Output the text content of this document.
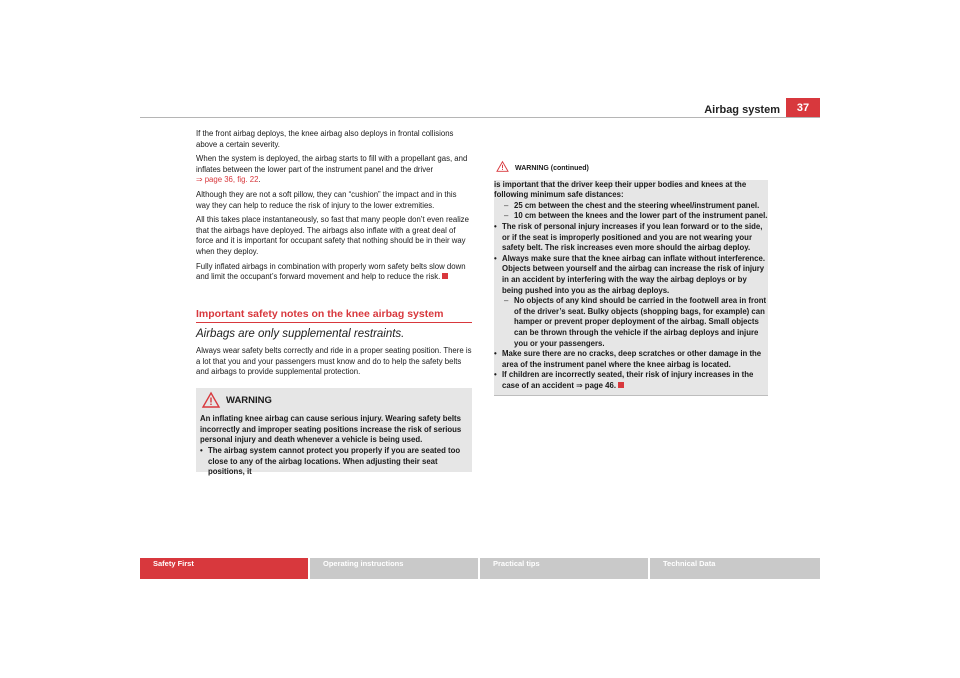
Airbag system	37

If the front airbag deploys, the knee airbag also deploys in frontal collisions above a certain severity.

When the system is deployed, the airbag starts to fill with a propellant gas, and inflates between the lower part of the instrument panel and the driver
⇒ page 36, fig. 22.

Although they are not a soft pillow, they can “cushion” the impact and in this way they can help to reduce the risk of injury to the lower extremities.

All this takes place instantaneously, so fast that many people don’t even realize that the airbags have deployed. The airbags also inflate with a great deal of force and it is important for occupant safety that nothing should be in their way when they deploy.

Fully inflated airbags in combination with properly worn safety belts slow down and limit the occupant’s forward movement and help to reduce the risk.

Important safety notes on the knee airbag system
Airbags are only supplemental restraints.

Always wear safety belts correctly and ride in a proper seating position. There is a lot that you and your passengers must know and do to help the safety belts and airbags to provide supplemental protection.

WARNING

An inflating knee airbag can cause serious injury. Wearing safety belts incorrectly and improper seating positions increase the risk of serious personal injury and death whenever a vehicle is being used.

• The airbag system cannot protect you properly if you are seated too close to any of the airbag locations. When adjusting their seat positions, it
WARNING (continued)

is important that the driver keep their upper bodies and knees at the following minimum safe distances:

– 25 cm between the chest and the steering wheel/instrument panel.
– 10 cm between the knees and the lower part of the instrument panel.
• The risk of personal injury increases if you lean forward or to the side, or if the seat is improperly positioned and you are not wearing your safety belt. The risk increases even more should the airbag deploy.
• Always make sure that the knee airbag can inflate without interference. Objects between yourself and the airbag can increase the risk of injury in an accident by interfering with the way the airbag deploys or by being pushed into you as the airbag deploys.
– No objects of any kind should be carried in the footwell area in front of the driver’s seat. Bulky objects (shopping bags, for example) can hamper or prevent proper deployment of the airbag. Small objects can be thrown through the vehicle if the airbag deploys and injure you or your passengers.
• Make sure there are no cracks, deep scratches or other damage in the area of the instrument panel where the knee airbag is located.
• If children are incorrectly seated, their risk of injury increases in the case of an accident ⇒ page 46.
Safety First	Operating instructions	Practical tips	Technical Data
